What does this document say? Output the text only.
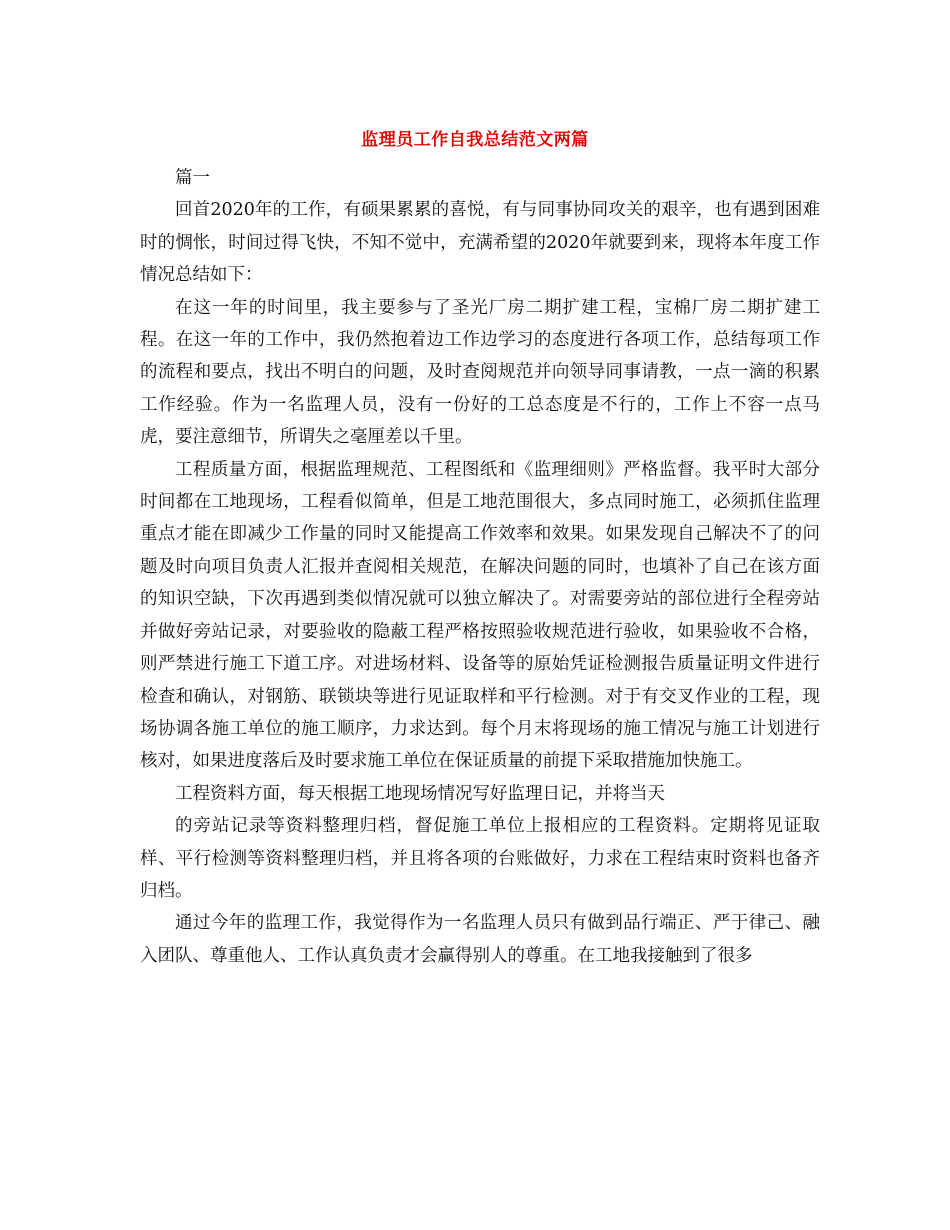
监理员工作自我总结范文两篇

篇一

回首2020年的工作，有硕果累累的喜悦，有与同事协同攻关的艰辛，也有遇到困难时的惆怅，时间过得飞快，不知不觉中，充满希望的2020年就要到来，现将本年度工作情况总结如下：

在这一年的时间里，我主要参与了圣光厂房二期扩建工程，宝棉厂房二期扩建工程。在这一年的工作中，我仍然抱着边工作边学习的态度进行各项工作，总结每项工作的流程和要点，找出不明白的问题，及时查阅规范并向领导同事请教，一点一滴的积累工作经验。作为一名监理人员，没有一份好的工总态度是不行的，工作上不容一点马虎，要注意细节，所谓失之毫厘差以千里。

工程质量方面，根据监理规范、工程图纸和《监理细则》严格监督。我平时大部分时间都在工地现场，工程看似简单，但是工地范围很大，多点同时施工，必须抓住监理重点才能在即减少工作量的同时又能提高工作效率和效果。如果发现自己解决不了的问题及时向项目负责人汇报并查阅相关规范，在解决问题的同时，也填补了自己在该方面的知识空缺，下次再遇到类似情况就可以独立解决了。对需要旁站的部位进行全程旁站并做好旁站记录，对要验收的隐蔽工程严格按照验收规范进行验收，如果验收不合格，则严禁进行施工下道工序。对进场材料、设备等的原始凭证检测报告质量证明文件进行检查和确认，对钢筋、联锁块等进行见证取样和平行检测。对于有交叉作业的工程，现场协调各施工单位的施工顺序，力求达到。每个月末将现场的施工情况与施工计划进行核对，如果进度落后及时要求施工单位在保证质量的前提下采取措施加快施工。

工程资料方面，每天根据工地现场情况写好监理日记，并将当天

的旁站记录等资料整理归档，督促施工单位上报相应的工程资料。定期将见证取样、平行检测等资料整理归档，并且将各项的台账做好，力求在工程结束时资料也备齐归档。

通过今年的监理工作，我觉得作为一名监理人员只有做到品行端正、严于律己、融入团队、尊重他人、工作认真负责才会赢得别人的尊重。在工地我接触到了很多
